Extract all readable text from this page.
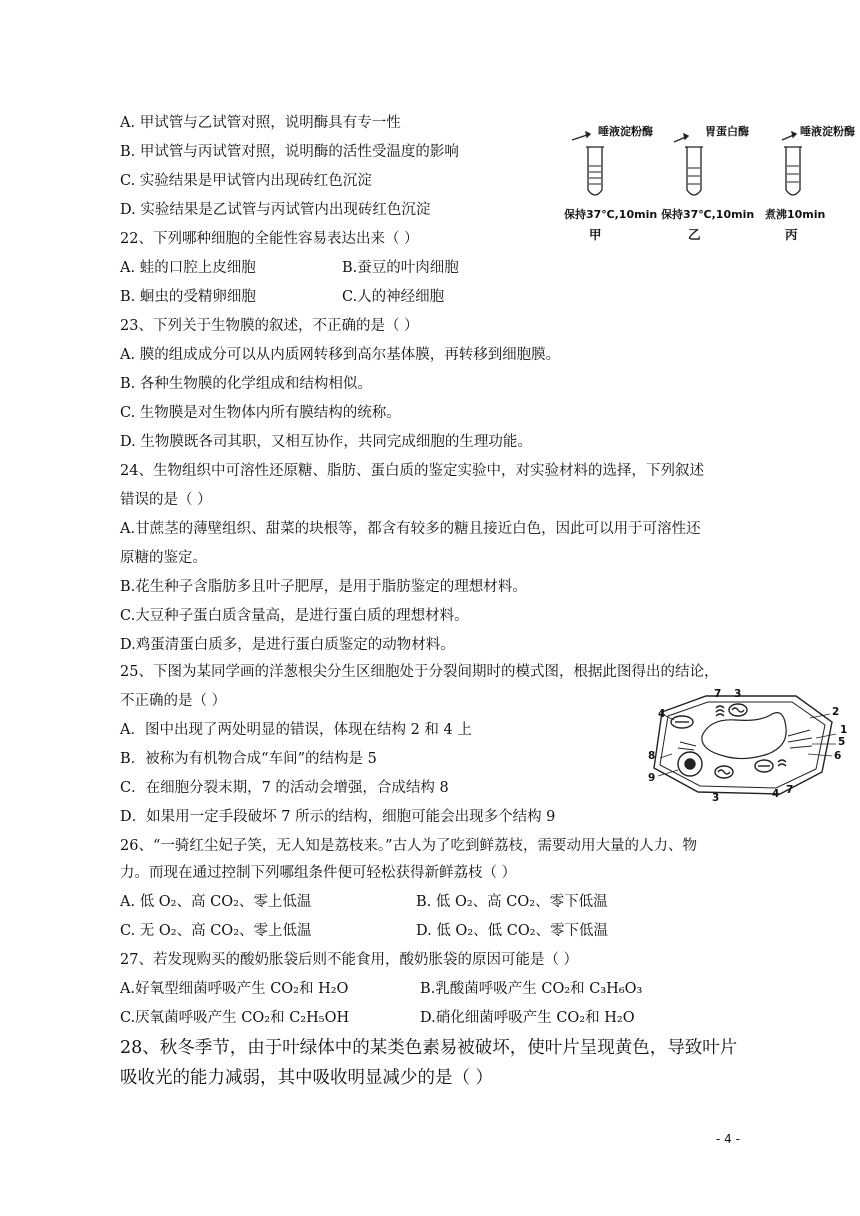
A. 甲试管与乙试管对照，说明酶具有专一性
B. 甲试管与丙试管对照，说明酶的活性受温度的影响
C. 实验结果是甲试管内出现砖红色沉淀
D. 实验结果是乙试管与丙试管内出现砖红色沉淀
唾液淀粉酶	胃蛋白酶	唾液淀粉酶
保持37℃,10min 保持37℃,10min 煮沸10min
甲	乙	丙
22、下列哪种细胞的全能性容易表达出来（ ）
A. 蛙的口腔上皮细胞	B.蚕豆的叶肉细胞
B. 蛔虫的受精卵细胞	C.人的神经细胞
23、下列关于生物膜的叙述，不正确的是（ ）
A. 膜的组成成分可以从内质网转移到高尔基体膜，再转移到细胞膜。
B. 各种生物膜的化学组成和结构相似。
C. 生物膜是对生物体内所有膜结构的统称。
D. 生物膜既各司其职，又相互协作，共同完成细胞的生理功能。
24、生物组织中可溶性还原糖、脂肪、蛋白质的鉴定实验中，对实验材料的选择，下列叙述
错误的是（ ）
A.甘蔗茎的薄壁组织、甜菜的块根等，都含有较多的糖且接近白色，因此可以用于可溶性还
原糖的鉴定。
B.花生种子含脂肪多且叶子肥厚，是用于脂肪鉴定的理想材料。
C.大豆种子蛋白质含量高，是进行蛋白质的理想材料。
D.鸡蛋清蛋白质多，是进行蛋白质鉴定的动物材料。
25、下图为某同学画的洋葱根尖分生区细胞处于分裂间期时的模式图，根据此图得出的结论，
不正确的是（ ）
A．图中出现了两处明显的错误，体现在结构 2 和 4 上
B．被称为有机物合成“车间”的结构是 5
C．在细胞分裂末期，7 的活动会增强，合成结构 8
D．如果用一定手段破坏 7 所示的结构，细胞可能会出现多个结构 9
1
2
3
3
4
4
5
6
7
7
8
9
26、“一骑红尘妃子笑，无人知是荔枝来。”古人为了吃到鲜荔枝，需要动用大量的人力、物
力。而现在通过控制下列哪组条件便可轻松获得新鲜荔枝（ ）
A. 低 O₂、高 CO₂、零上低温	B. 低 O₂、高 CO₂、零下低温
C. 无 O₂、高 CO₂、零上低温	D. 低 O₂、低 CO₂、零下低温
27、若发现购买的酸奶胀袋后则不能食用，酸奶胀袋的原因可能是（ ）
A.好氧型细菌呼吸产生 CO₂和 H₂O	B.乳酸菌呼吸产生 CO₂和 C₃H₆O₃
C.厌氧菌呼吸产生 CO₂和 C₂H₅OH	D.硝化细菌呼吸产生 CO₂和 H₂O
28、秋冬季节，由于叶绿体中的某类色素易被破坏，使叶片呈现黄色，导致叶片
吸收光的能力减弱，其中吸收明显减少的是（ ）
- 4 -
